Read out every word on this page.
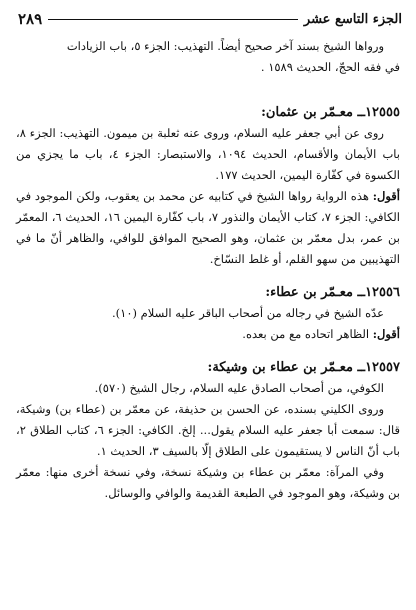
الجزء التاسع عشر
٢٨٩

ورواها الشيخ بسند آخر صحيح أيضاً. التهذيب: الجزء ٥، باب الزيادات

في فقه الحجّ، الحديث ١٥٨٩ .

١٢٥٥٥ــ معـمّر بن عثمان:

روى عن أبي جعفر عليه السلام، وروى عنه ثعلبة بن ميمون. التهذيب: الجزء ٨، باب الأيمان والأقسام، الحديث ١٠٩٤، والاستبصار: الجزء ٤، باب ما يجزي من الكسوة في كفّارة اليمين، الحديث ١٧٧.

أقول: هذه الرواية رواها الشيخ في كتابيه عن محمد بن يعقوب، ولكن الموجود في الكافي: الجزء ٧، كتاب الأيمان والنذور ٧، باب كفّارة اليمين ١٦، الحديث ٦، المعمّر بن عمر، بدل معمّر بن عثمان، وهو الصحيح الموافق للوافي، والظاهر أنّ ما في التهذيبين من سهو القلم، أو غلط النسّاخ.

١٢٥٥٦ــ معـمّر بن عطاء:

عدّه الشيخ في رجاله من أصحاب الباقر عليه السلام (١٠).

أقول: الظاهر اتحاده مع من بعده.

١٢٥٥٧ــ معـمّر بن عطاء بن وشيكة:

الكوفي، من أصحاب الصادق عليه السلام، رجال الشيخ (٥٧٠).

وروى الكليني بسنده، عن الحسن بن حذيفة، عن معمّر بن (عطاء بن) وشيكة، قال: سمعت أبا جعفر عليه السلام يقول... إلخ. الكافي: الجزء ٦، كتاب الطلاق ٢، باب أنّ الناس لا يستقيمون على الطلاق إلّا بالسيف ٣، الحديث ١.

وفي المرآة: معمّر بن عطاء بن وشيكة نسخة، وفي نسخة أخرى منها: معمّر بن وشيكة، وهو الموجود في الطبعة القديمة والوافي والوسائل.
